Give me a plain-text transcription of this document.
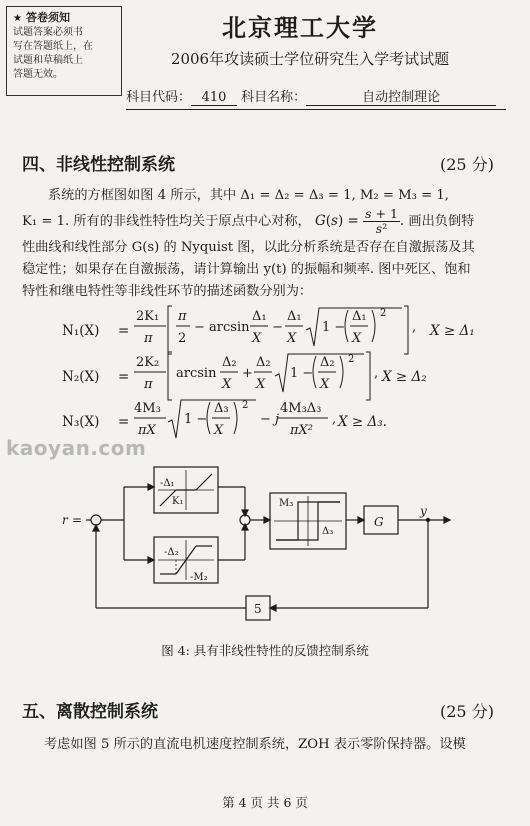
★ 答卷须知
试题答案必须书
写在答题纸上，在
试题和草稿纸上
答题无效。
北京理工大学
2006年攻读硕士学位研究生入学考试试题
科目代码： 410 科目名称：	自动控制理论
四、非线性控制系统	(25 分)
系统的方框图如图 4 所示，其中 Δ₁ = Δ₂ = Δ₃ = 1, M₂ = M₃ = 1,
K₁ = 1. 所有的非线性特性均关于原点中心对称， $G(s) = \frac{s + 1}{\text{s²}}$ . 画出负倒特
性曲线和线性部分 G(s) 的 Nyquist 图，以此分析系统是否存在自激振荡及其
稳定性；如果存在自激振荡，请计算输出 y(t) 的振幅和频率. 图中死区、饱和
特性和继电特性等非线性环节的描述函数分别为：
N₁(X) =
2K₁
π
π
2
− arcsin
Δ₁
X
−
Δ₁
X
1 −
Δ₁
X
2
, X ≥ Δ₁
N₂(X) =
2K₂
π
arcsin
Δ₂
X
+
Δ₂
X
1 −
Δ₂
X
2
, X ≥ Δ₂
N₃(X) =
4M₃
πX
1 −
Δ₃
X
2
− j
4M₃Δ₃
πX²
, X ≥ Δ₃.
kaoyan.com
r =
y
G
5
-Δ₁
K₁
-Δ₂
-M₂
M₃
Δ₃
图 4: 具有非线性特性的反馈控制系统
五、离散控制系统	(25 分)
考虑如图 5 所示的直流电机速度控制系统，ZOH 表示零阶保持器。设模
第 4 页 共 6 页
